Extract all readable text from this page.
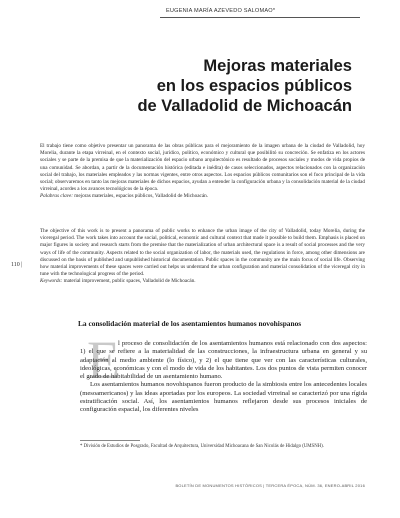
EUGENIA MARÍA AZEVEDO SALOMAO*
Mejoras materiales
en los espacios públicos
de Valladolid de Michoacán

El trabajo tiene como objetivo presentar un panorama de las obras públicas para el mejoramiento de la imagen urbana de la ciudad de Valladolid, hoy Morelia, durante la etapa virreinal, en el contexto social, jurídico, político, económico y cultural que posibilitó su concreción. Se enfatiza en los actores sociales y se parte de la premisa de que la materialización del espacio urbano arquitectónico es resultado de procesos sociales y modos de vida propios de una comunidad. Se abordan, a partir de la documentación histórica (editada e inédita) de casos seleccionados, aspectos relacionados con la organización social del trabajo, los materiales empleados y las normas vigentes, entre otros aspectos. Los espacios públicos comunitarios son el foco principal de la vida social; observaremos en tanto las mejoras materiales de dichos espacios, ayudan a entender la configuración urbana y la consolidación material de la ciudad virreinal, acordes a los avances tecnológicos de la época.

Palabras clave: mejoras materiales, espacios públicos, Valladolid de Michoacán.

The objective of this work is to present a panorama of public works to enhance the urban image of the city of Valladolid, today Morelia, during the viceregal period. The work takes into account the social, political, economic and cultural context that made it possible to build them. Emphasis is placed on major figures in society and research starts from the premise that the materialization of urban architectural space is a result of social processes and the very ways of life of the community. Aspects related to the social organization of labor, the materials used, the regulations in force, among other dimensions are discussed on the basis of published and unpublished historical documentation. Public spaces in the community are the main focus of social life. Observing how material improvements of these spaces were carried out helps us understand the urban configuration and material consolidation of the viceregal city in tune with the technological progress of the period.

Keywords: material improvement, public spaces, Valladolid de Michoacán.

110 |
La consolidación material de los asentamientos humanos novohispanos
E

l proceso de consolidación de los asentamientos humanos está relacionado con dos aspectos: 1) el que se refiere a la materialidad de las construcciones, la infraestructura urbana en general y su adaptación al medio ambiente (lo físico), y 2) el que tiene que ver con las características culturales, ideológicas, económicas y con el modo de vida de los habitantes. Los dos puntos de vista permiten conocer el grado de habitabilidad de un asentamiento humano.

Los asentamientos humanos novohispanos fueron producto de la simbiosis entre los antecedentes locales (mesoamericanos) y las ideas aportadas por los europeos. La sociedad virreinal se caracterizó por una rígida estratificación social. Así, los asentamientos humanos reflejaron desde sus procesos iniciales de configuración espacial, los diferentes niveles

* División de Estudios de Posgrado, Facultad de Arquitectura, Universidad Michoacana de San Nicolás de Hidalgo (UMSNH).

BOLETÍN DE MONUMENTOS HISTÓRICOS | TERCERA ÉPOCA, NÚM. 36, ENERO-ABRIL 2016
